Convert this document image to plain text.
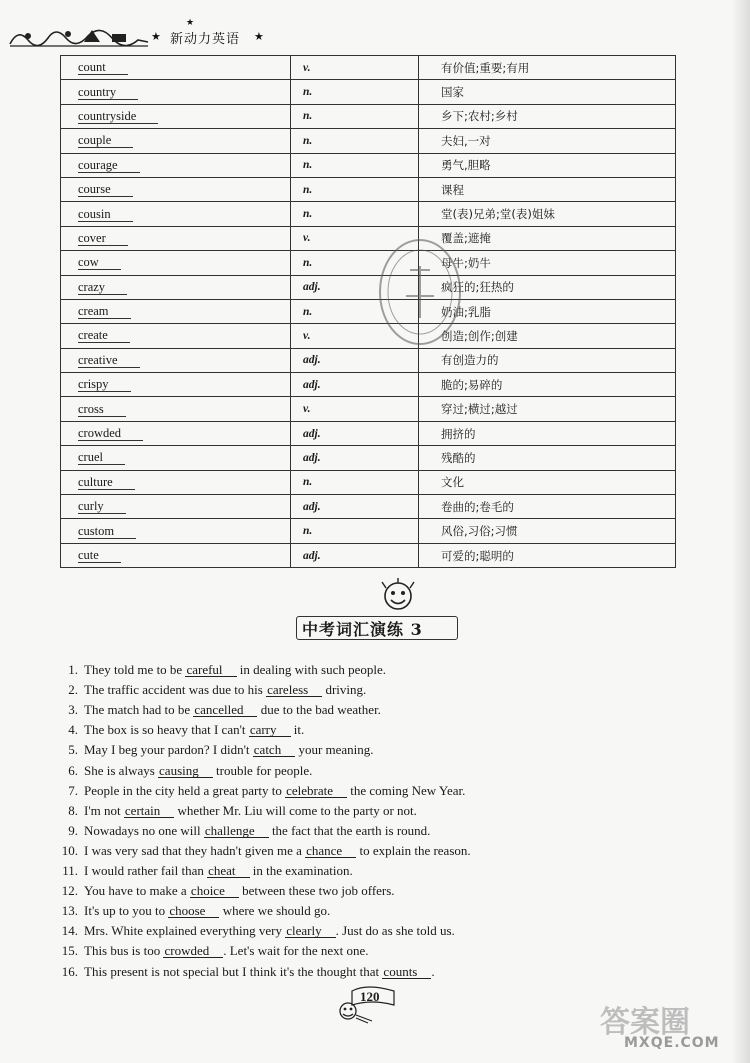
★
★
新动力英语 ★
count	v.	有价值;重要;有用
country	n.	国家
countryside	n.	乡下;农村;乡村
couple	n.	夫妇,一对
courage	n.	勇气,胆略
course	n.	课程
cousin	n.	堂(表)兄弟;堂(表)姐妹
cover	v.	覆盖;遮掩
cow	n.	母牛;奶牛
crazy	adj.	疯狂的;狂热的
cream	n.	奶油;乳脂
create	v.	创造;创作;创建
creative	adj.	有创造力的
crispy	adj.	脆的;易碎的
cross	v.	穿过;横过;越过
crowded	adj.	拥挤的
cruel	adj.	残酷的
culture	n.	文化
curly	adj.	卷曲的;卷毛的
custom	n.	风俗,习俗;习惯
cute	adj.	可爱的;聪明的
中考词汇演练 3
1. They told me to be careful in dealing with such people.
2. The traffic accident was due to his careless driving.
3. The match had to be cancelled due to the bad weather.
4. The box is so heavy that I can't carry it.
5. May I beg your pardon? I didn't catch your meaning.
6. She is always causing trouble for people.
7. People in the city held a great party to celebrate the coming New Year.
8. I'm not certain whether Mr. Liu will come to the party or not.
9. Nowadays no one will challenge the fact that the earth is round.
10. I was very sad that they hadn't given me a chance to explain the reason.
11. I would rather fail than cheat in the examination.
12. You have to make a choice between these two job offers.
13. It's up to you to choose where we should go.
14. Mrs. White explained everything very clearly . Just do as she told us.
15. This bus is too crowded . Let's wait for the next one.
16. This present is not special but I think it's the thought that counts .
120
答案圈
MXQE.COM
